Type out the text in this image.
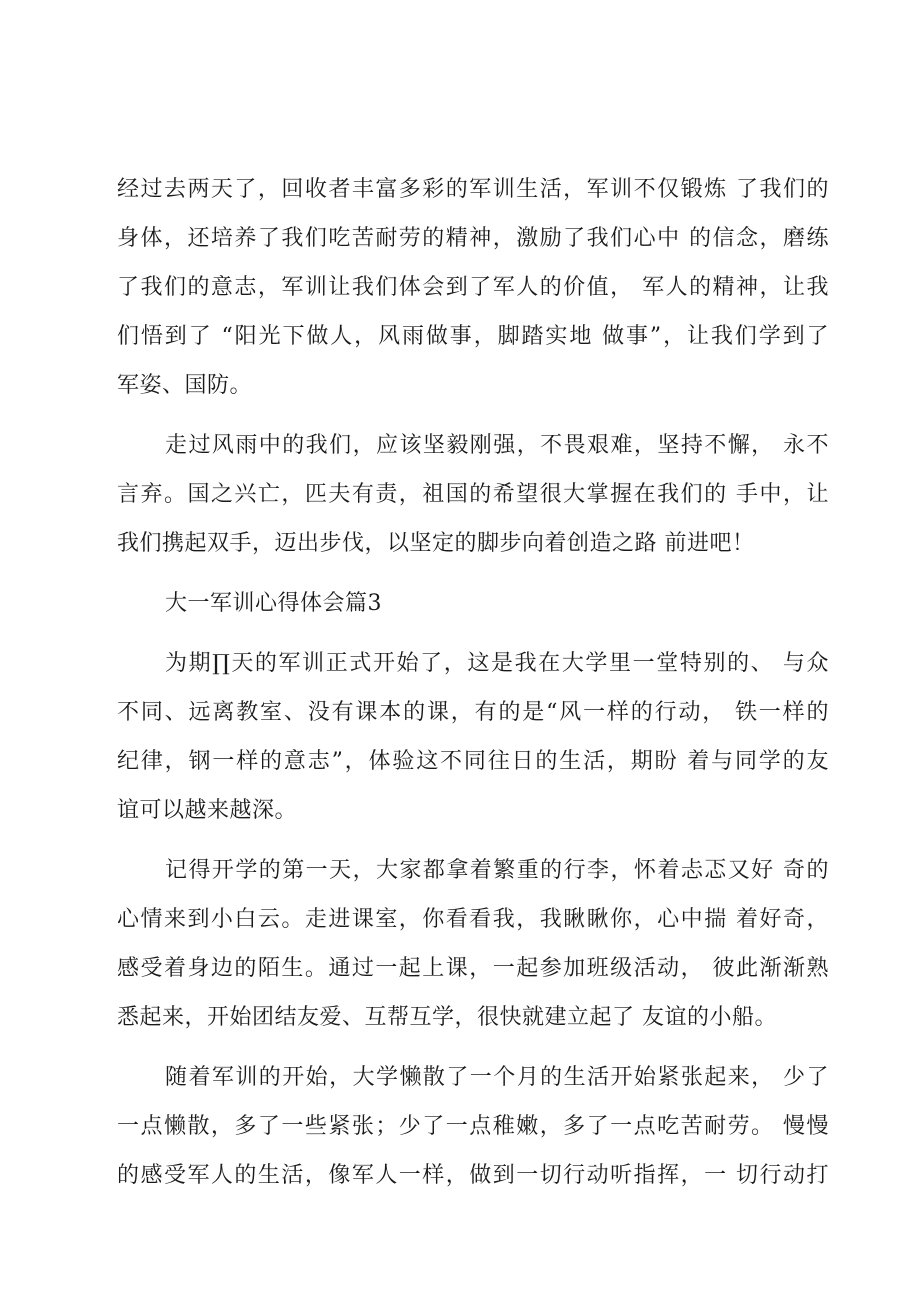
经过去两天了，回收者丰富多彩的军训生活，军训不仅锻炼 了我们的
身体，还培养了我们吃苦耐劳的精神，激励了我们心中 的信念，磨练
了我们的意志，军训让我们体会到了军人的价值， 军人的精神，让我
们悟到了 “阳光下做人，风雨做事，脚踏实地 做事”，让我们学到了
军姿、国防。
走过风雨中的我们，应该坚毅刚强，不畏艰难，坚持不懈， 永不
言弃。国之兴亡，匹夫有责，祖国的希望很大掌握在我们的 手中，让
我们携起双手，迈出步伐，以坚定的脚步向着创造之路 前进吧！
大一军训心得体会篇3
为期∏天的军训正式开始了，这是我在大学里一堂特别的、 与众
不同、远离教室、没有课本的课，有的是“风一样的行动， 铁一样的
纪律，钢一样的意志”，体验这不同往日的生活，期盼 着与同学的友
谊可以越来越深。
记得开学的第一天，大家都拿着繁重的行李，怀着忐忑又好 奇的
心情来到小白云。走进课室，你看看我，我瞅瞅你，心中揣 着好奇，
感受着身边的陌生。通过一起上课，一起参加班级活动， 彼此渐渐熟
悉起来，开始团结友爱、互帮互学，很快就建立起了 友谊的小船。
随着军训的开始，大学懒散了一个月的生活开始紧张起来， 少了
一点懒散，多了一些紧张；少了一点稚嫩，多了一点吃苦耐劳。 慢慢
的感受军人的生活，像军人一样，做到一切行动听指挥，一 切行动打
